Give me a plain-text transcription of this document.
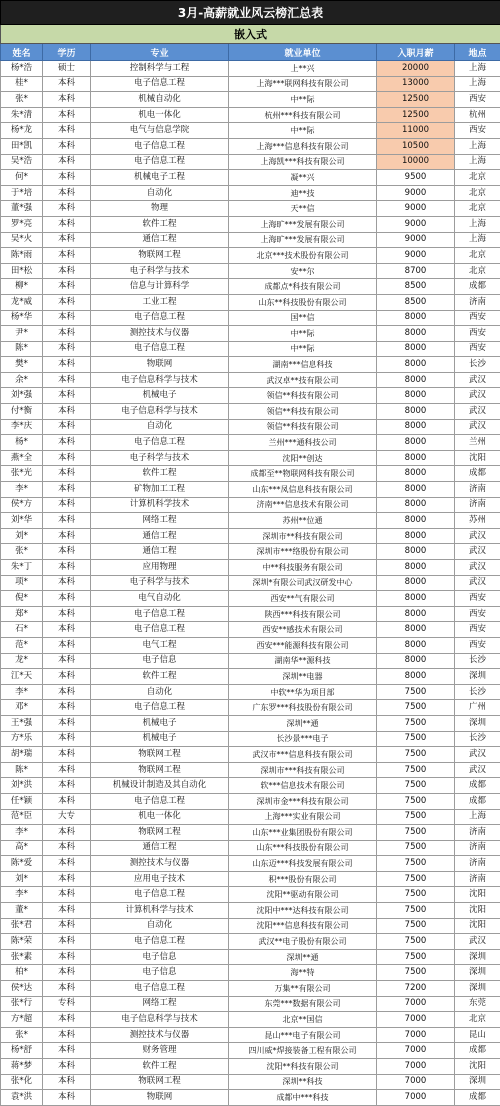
3月-高薪就业风云榜汇总表					
嵌入式					
姓名	学历	专业	就业单位	入职月薪	地点
杨*浩	硕士	控制科学与工程	上**兴	20000	上海
桂*	本科	电子信息工程	上海***联网科技有限公司	13000	上海
张*	本科	机械自动化	中**际	12500	西安
朱*清	本科	机电一体化	杭州***科技有限公司	12500	杭州
杨*龙	本科	电气与信息学院	中**际	11000	西安
田*凯	本科	电子信息工程	上海***信息科技有限公司	10500	上海
吴*浩	本科	电子信息工程	上海凯***科技有限公司	10000	上海
何*	本科	机械电子工程	凝**兴	9500	北京
于*培	本科	自动化	迪**技	9000	北京
董*强	本科	物理	天**信	9000	北京
罗*亮	本科	软件工程	上海旷***发展有限公司	9000	上海
吴*火	本科	通信工程	上海旷***发展有限公司	9000	上海
陈*雨	本科	物联网工程	北京***技术股份有限公司	9000	北京
田*松	本科	电子科学与技术	安**尔	8700	北京
柳*	本科	信息与计算科学	成都点*科技有限公司	8500	成都
龙*威	本科	工业工程	山东**科技股份有限公司	8500	济南
杨*华	本科	电子信息工程	国**信	8000	西安
尹*	本科	测控技术与仪器	中**际	8000	西安
陈*	本科	电子信息工程	中**际	8000	西安
樊*	本科	物联网	湖南***信息科技	8000	长沙
余*	本科	电子信息科学与技术	武汉卓**技有限公司	8000	武汉
刘*强	本科	机械电子	领信**科技有限公司	8000	武汉
付*衡	本科	电子信息科学与技术	领信**科技有限公司	8000	武汉
李*庆	本科	自动化	领信**科技有限公司	8000	武汉
杨*	本科	电子信息工程	兰州***通科技公司	8000	兰州
燕*全	本科	电子科学与技术	沈阳**创达	8000	沈阳
张*光	本科	软件工程	成都至**物联网科技有限公司	8000	成都
李*	本科	矿物加工工程	山东***凤信息科技有限公司	8000	济南
侯*方	本科	计算机科学技术	济南***信息技术有限公司	8000	济南
刘*华	本科	网络工程	苏州**位通	8000	苏州
刘*	本科	通信工程	深圳市**科技有限公司	8000	武汉
张*	本科	通信工程	深圳市***络股份有限公司	8000	武汉
朱*丁	本科	应用物理	中**科技服务有限公司	8000	武汉
项*	本科	电子科学与技术	深圳*有限公司武汉研发中心	8000	武汉
倪*	本科	电气自动化	西安**气有限公司	8000	西安
郑*	本科	电子信息工程	陕西***科技有限公司	8000	西安
石*	本科	电子信息工程	西安**感技术有限公司	8000	西安
范*	本科	电气工程	西安***能源科技有限公司	8000	西安
龙*	本科	电子信息	湖南华**源科技	8000	长沙
江*天	本科	软件工程	深圳**电器	8000	深圳
李*	本科	自动化	中软**华为项目部	7500	长沙
邓*	本科	电子信息工程	广东罗***科技股份有限公司	7500	广州
王*强	本科	机械电子	深圳**通	7500	深圳
方*乐	本科	机械电子	长沙景***电子	7500	长沙
胡*瑞	本科	物联网工程	武汉市***信息科技有限公司	7500	武汉
陈*	本科	物联网工程	深圳市***科技有限公司	7500	武汉
刘*洪	本科	机械设计制造及其自动化	软***信息技术有限公司	7500	成都
任*颖	本科	电子信息工程	深圳市金***科技有限公司	7500	成都
范*臣	大专	机电一体化	上海***实业有限公司	7500	上海
李*	本科	物联网工程	山东***业集团股份有限公司	7500	济南
高*	本科	通信工程	山东***科技股份有限公司	7500	济南
陈*爱	本科	测控技术与仪器	山东迈***科技发展有限公司	7500	济南
刘*	本科	应用电子技术	积***股份有限公司	7500	济南
李*	本科	电子信息工程	沈阳**驱动有限公司	7500	沈阳
董*	本科	计算机科学与技术	沈阳中***达科技有限公司	7500	沈阳
张*君	本科	自动化	沈阳***信息科技有限公司	7500	沈阳
陈*荣	本科	电子信息工程	武汉**电子股份有限公司	7500	武汉
张*素	本科	电子信息	深圳**通	7500	深圳
柏*	本科	电子信息	海**特	7500	深圳
侯*达	本科	电子信息工程	万集**有限公司	7200	深圳
张*行	专科	网络工程	东莞***数据有限公司	7000	东莞
方*超	本科	电子信息科学与技术	北京**国信	7000	北京
张*	本科	测控技术与仪器	昆山***电子有限公司	7000	昆山
杨*舒	本科	财务管理	四川威*焊接装备工程有限公司	7000	成都
蒋*梦	本科	软件工程	沈阳**科技有限公司	7000	沈阳
张*化	本科	物联网工程	深圳**科技	7000	深圳
袁*洪	本科	物联网	成都中***科技	7000	成都
